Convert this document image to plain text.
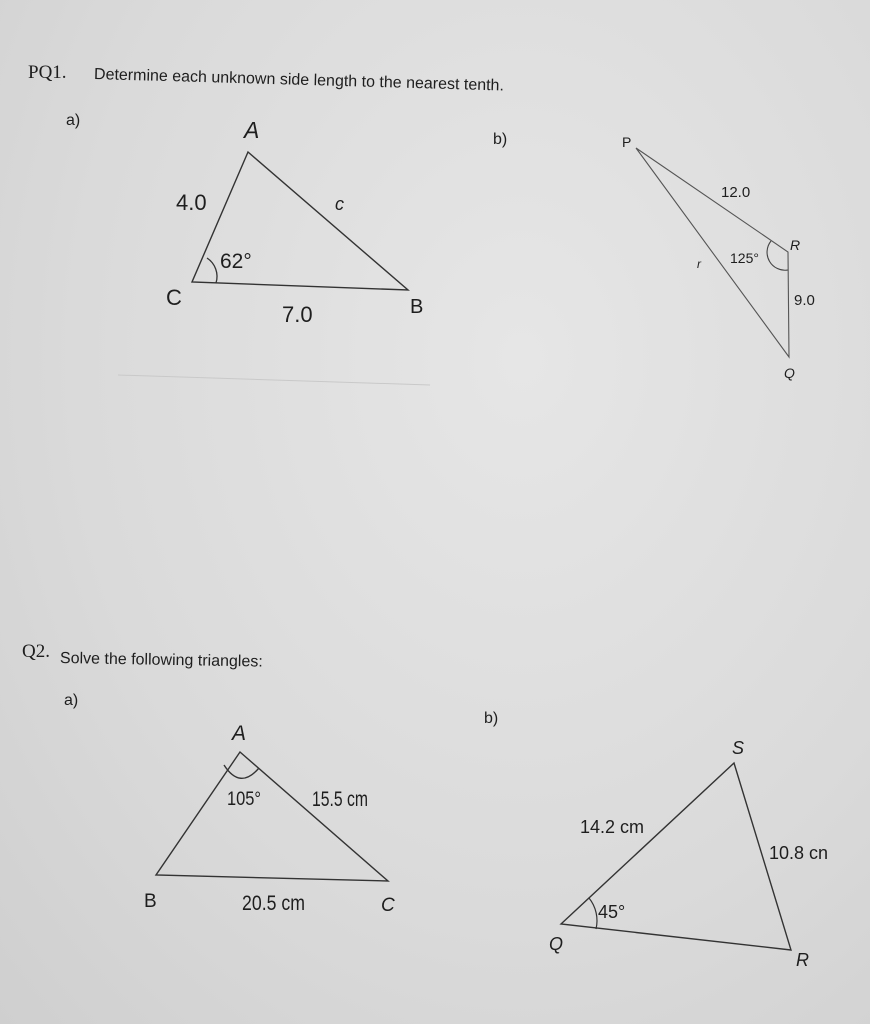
PQ1. Determine each unknown side length to the nearest tenth.
a)
b)
Q2. Solve the following triangles:
a)
b)
A
B
C
4.0
7.0
c
62°
P
Q
R
12.0
9.0
r 125°
A
B	C
105° 15.5 cm
20.5 cm
Q
R
S
14.2 cm
10.8 cn
45°
